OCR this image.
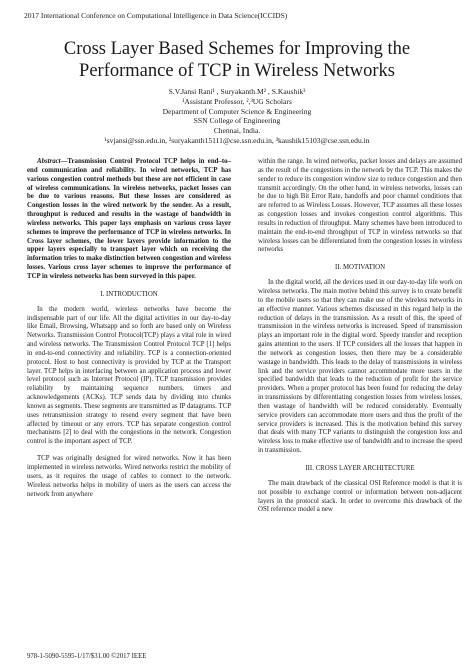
2017 International Conference on Computational Intelligence in Data Science(ICCIDS)
Cross Layer Based Schemes for Improving the Performance of TCP in Wireless Networks
S.V.Jansi Rani¹ , Suryakanth.M² , S.Kaushik³
¹Assistant Professor, ²,³UG Scholars
Department of Computer Science & Engineering
SSN College of Engineering
Chennai, India.
¹svjansi@ssn.edu.in, ²suryakanth15111@cse.ssn.edu.in, ³kaushik15103@cse.ssn.edu.in

Abstract—Transmission Control Protocol TCP helps in end–to–end communication and reliability. In wired networks, TCP has various congestion control methods but these are not efficient in case of wireless communications. In wireless networks, packet losses can be due to various reasons. But these losses are considered as Congestion losses in the wired network by the sender. As a result, throughput is reduced and results in the wastage of bandwidth in wireless networks. This paper lays emphasis on various cross layer schemes to improve the performance of TCP in wireless networks. In Cross layer schemes, the lower layers provide information to the upper layers especially to transport layer which on receiving the information tries to make distinction between congestion and wireless losses. Various cross layer schemes to improve the performance of TCP in wireless networks has been surveyed in this paper.

I. INTRODUCTION

In the modern world, wireless networks have become the indispensable part of our life. All the digital activities in our day-to-day like Email, Browsing, Whatsapp and so forth are based only on Wireless Networks. Transmission Control Protocol(TCP) plays a vital role in wired and wireless networks. The Transmission Control Protocol TCP [1] helps in end-to-end connectivity and reliability. TCP is a connection-oriented protocol. Host to host connectivity is provided by TCP at the Transport layer. TCP helps in interfacing between an application process and lower level protocol such as Internet Protocol (IP). TCP transmission provides reliability by maintaining sequence numbers, timers and acknowledgements (ACKs). TCP sends data by dividing into chunks known as segments. These segments are transmitted as IP datagrams. TCP uses retransmission strategy to resend every segment that have been affected by timeout or any errors. TCP has separate congestion control mechanisms [2] to deal with the congestions in the network. Congestion control is the important aspect of TCP.

TCP was originally designed for wired networks. Now it has been implemented in wireless networks. Wired networks restrict the mobility of users, as it requires the usage of cables to connect to the network. Wireless networks helps in mobility of users as the users can access the network from anywhere

within the range. In wired networks, packet losses and delays are assumed as the result of the congestions in the network by the TCP. This makes the sender to reduce its congestion window size to reduce congestion and then transmit accordingly. On the other hand, in wireless networks, losses can be due to high Bit Error Rate, handoffs and poor channel conditions that are referred to as Wireless Losses. However, TCP assumes all these losses as congestion losses and invokes congestion control algorithms. This results in reduction of throughput. Many schemes have been introduced to maintain the end-to-end throughput of TCP in wireless networks so that wireless losses can be differentiated from the congestion losses in wireless networks

II. MOTIVATION

In the digital world, all the devices used in our day-to-day life work on wireless networks. The main motive behind this survey is to create benefit to the mobile users so that they can make use of the wireless networks in an effective manner. Various schemes discussed in this regard help in the reduction of delays in the transmission. As a result of this, the speed of transmission in the wireless networks is increased. Speed of transmission plays an important role in the digital word. Speedy transfer and reception gains attention to the users. If TCP considers all the losses that happen in the network as congestion losses, then there may be a considerable wastage in bandwidth. This leads to the delay of transmissions in wireless link and the service providers cannot accommodate more users in the specified bandwidth that leads to the reduction of profit for the service providers. When a proper protocol has been found for reducing the delay in transmissions by differentiating congestion losses from wireless losses, then wastage of bandwidth will be reduced considerably. Eventually service providers can accommodate more users and thus the profit of the service providers is increased. This is the motivation behind this survey that deals with many TCP variants to distinguish the congestion loss and wireless loss to make effective use of bandwidth and to increase the speed in transmission.

III. CROSS LAYER ARCHITECTURE

The main drawback of the classical OSI Reference model is that it is not possible to exchange control or information between non-adjacent layers in the protocol stack. In order to overcome this drawback of the OSI reference model a new

978-1-5090-5595-1/17/$31.00 ©2017 IEEE
